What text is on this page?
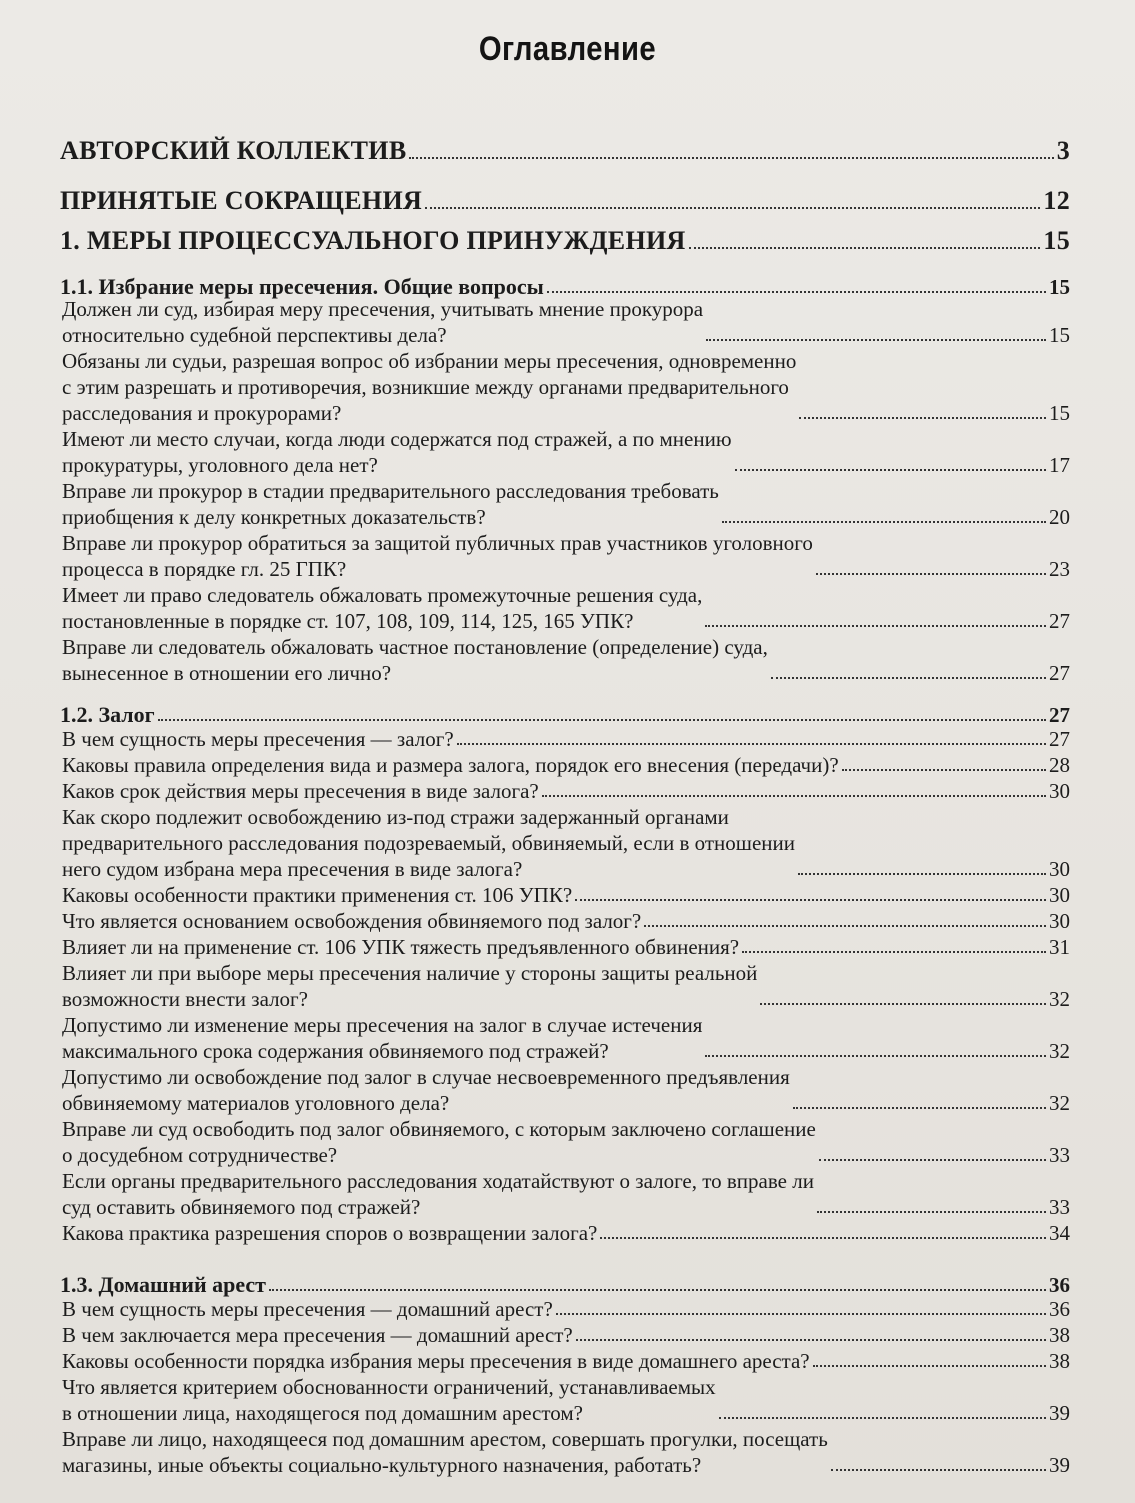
Оглавление
АВТОРСКИЙ КОЛЛЕКТИВ	3
ПРИНЯТЫЕ СОКРАЩЕНИЯ	12
1. МЕРЫ ПРОЦЕССУАЛЬНОГО ПРИНУЖДЕНИЯ	15
1.1. Избрание меры пресечения. Общие вопросы	15
Должен ли суд, избирая меру пресечения, учитывать мнение прокурора
относительно судебной перспективы дела?	15
Обязаны ли судьи, разрешая вопрос об избрании меры пресечения, одновременно
с этим разрешать и противоречия, возникшие между органами предварительного
расследования и прокурорами?	15
Имеют ли место случаи, когда люди содержатся под стражей, а по мнению
прокуратуры, уголовного дела нет?	17
Вправе ли прокурор в стадии предварительного расследования требовать
приобщения к делу конкретных доказательств?	20
Вправе ли прокурор обратиться за защитой публичных прав участников уголовного
процесса в порядке гл. 25 ГПК?	23
Имеет ли право следователь обжаловать промежуточные решения суда,
постановленные в порядке ст. 107, 108, 109, 114, 125, 165 УПК?	27
Вправе ли следователь обжаловать частное постановление (определение) суда,
вынесенное в отношении его лично?	27
1.2. Залог	27
В чем сущность меры пресечения — залог?	27
Каковы правила определения вида и размера залога, порядок его внесения (передачи)?	28
Каков срок действия меры пресечения в виде залога?	30
Как скоро подлежит освобождению из-под стражи задержанный органами
предварительного расследования подозреваемый, обвиняемый, если в отношении
него судом избрана мера пресечения в виде залога?	30
Каковы особенности практики применения ст. 106 УПК?	30
Что является основанием освобождения обвиняемого под залог?	30
Влияет ли на применение ст. 106 УПК тяжесть предъявленного обвинения?	31
Влияет ли при выборе меры пресечения наличие у стороны защиты реальной
возможности внести залог?	32
Допустимо ли изменение меры пресечения на залог в случае истечения
максимального срока содержания обвиняемого под стражей?	32
Допустимо ли освобождение под залог в случае несвоевременного предъявления
обвиняемому материалов уголовного дела?	32
Вправе ли суд освободить под залог обвиняемого, с которым заключено соглашение
о досудебном сотрудничестве?	33
Если органы предварительного расследования ходатайствуют о залоге, то вправе ли
суд оставить обвиняемого под стражей?	33
Какова практика разрешения споров о возвращении залога?	34
1.3. Домашний арест	36
В чем сущность меры пресечения — домашний арест?	36
В чем заключается мера пресечения — домашний арест?	38
Каковы особенности порядка избрания меры пресечения в виде домашнего ареста?	38
Что является критерием обоснованности ограничений, устанавливаемых
в отношении лица, находящегося под домашним арестом?	39
Вправе ли лицо, находящееся под домашним арестом, совершать прогулки, посещать
магазины, иные объекты социально-культурного назначения, работать?	39
